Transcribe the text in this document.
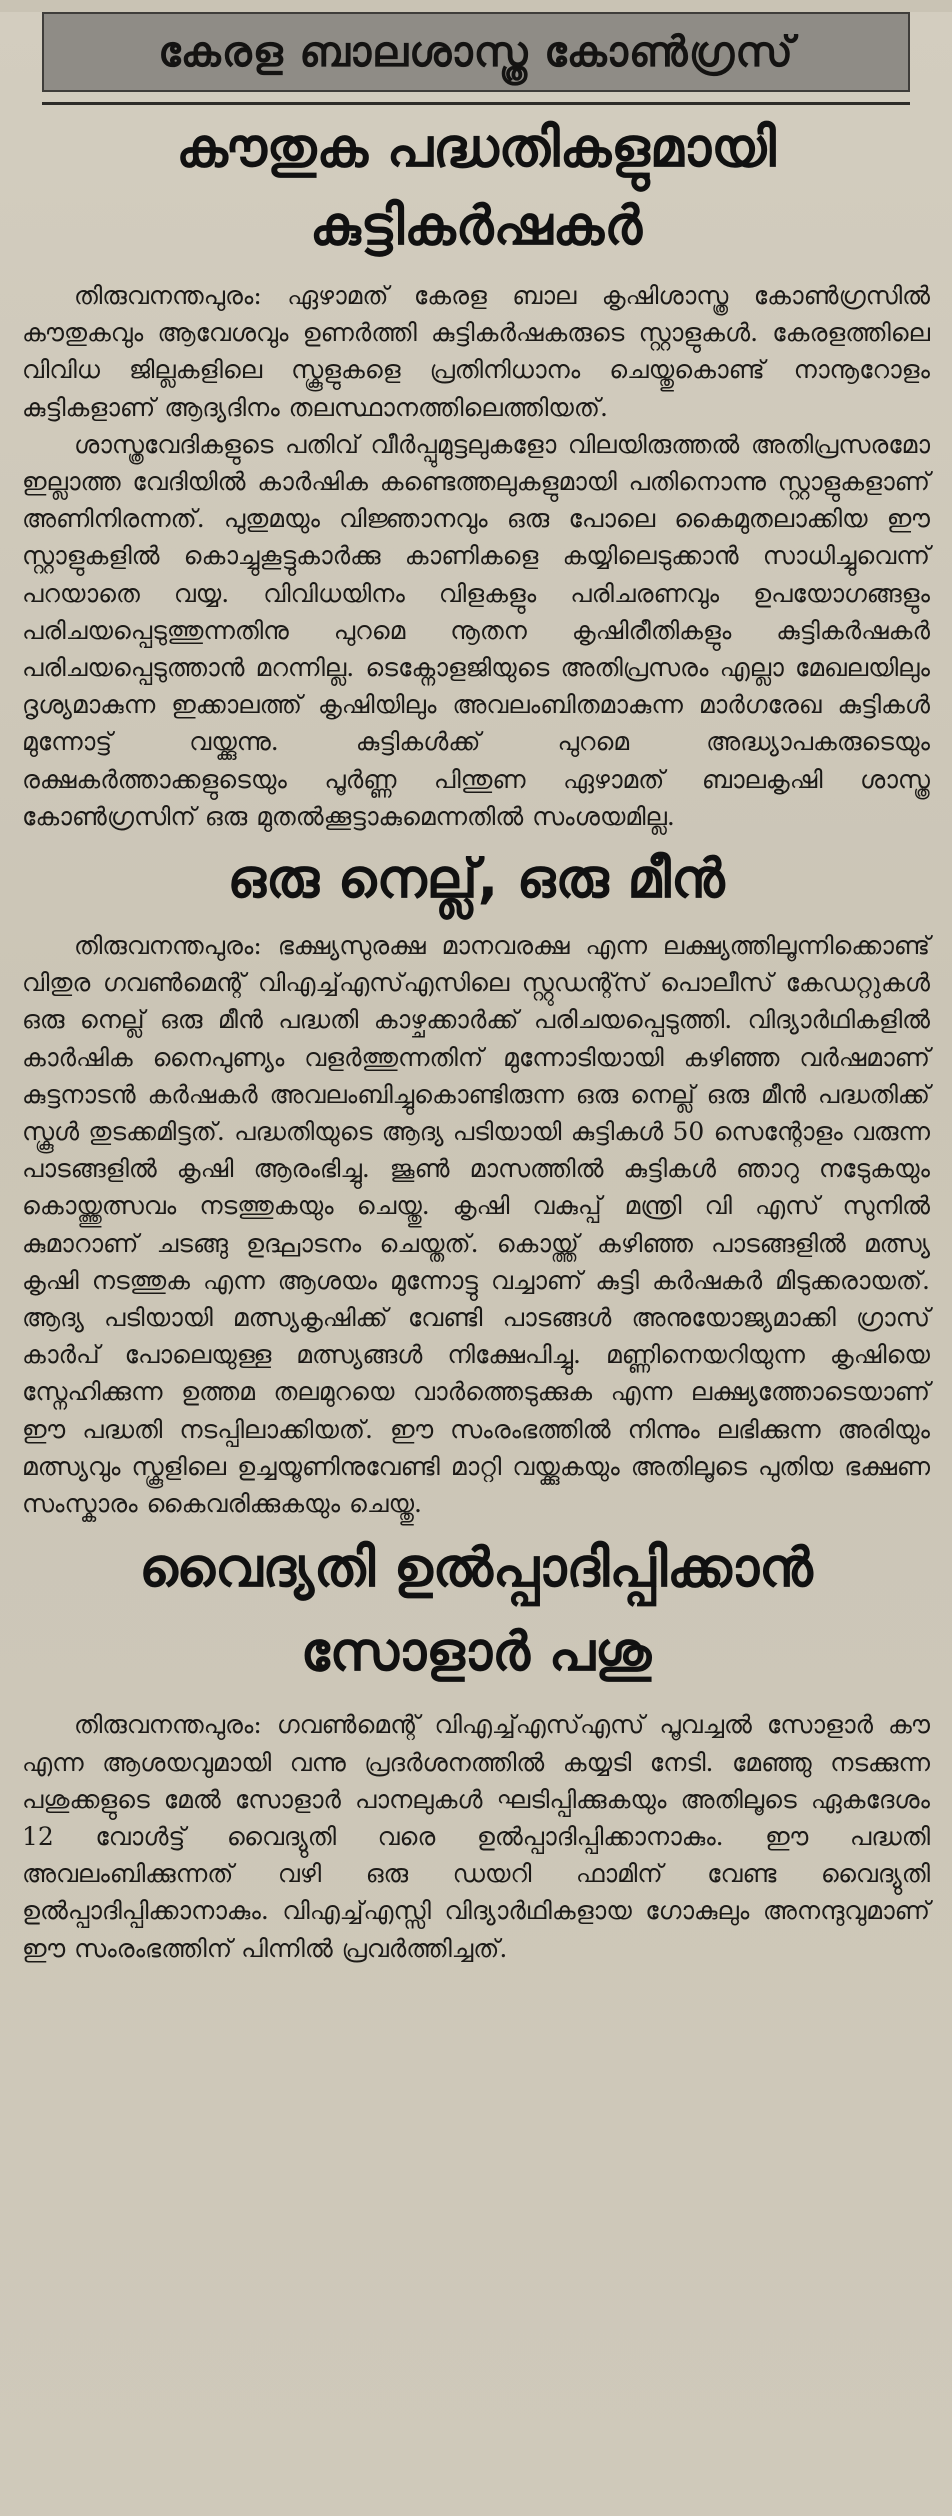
കേരള ബാലശാസ്ത്ര കോൺഗ്രസ്
കൗതുക പദ്ധതികളുമായി
കുട്ടികർഷകർ

തിരുവനന്തപുരം: ഏഴാമത് കേരള ബാല കൃഷിശാസ്ത്ര കോൺഗ്രസിൽ കൗതുകവും ആവേശവും ഉണർത്തി കുട്ടികർഷകരുടെ സ്റ്റാളുകൾ. കേരളത്തിലെ വിവിധ ജില്ലകളിലെ സ്കൂളുകളെ പ്രതിനിധാനം ചെയ്തുകൊണ്ട് നാനൂറോളം കുട്ടികളാണ് ആദ്യദിനം തലസ്ഥാനത്തിലെത്തിയത്.

ശാസ്ത്രവേദികളുടെ പതിവ് വീർപ്പുമുട്ടലുകളോ വിലയിരുത്തൽ അതിപ്രസരമോ ഇല്ലാത്ത വേദിയിൽ കാർഷിക കണ്ടെത്തലുകളുമായി പതിനൊന്നു സ്റ്റാളുകളാണ് അണിനിരന്നത്. പുതുമയും വിജ്ഞാനവും ഒരു പോലെ കൈമുതലാക്കിയ ഈ സ്റ്റാളുകളിൽ കൊച്ചുകൂട്ടുകാർക്കു കാണികളെ കയ്യിലെടുക്കാൻ സാധിച്ചുവെന്ന് പറയാതെ വയ്യ. വിവിധയിനം വിളകളും പരിചരണവും ഉപയോഗങ്ങളും പരിചയപ്പെടുത്തുന്നതിനു പുറമെ നൂതന കൃഷിരീതികളും കുട്ടികർഷകർ പരിചയപ്പെടുത്താൻ മറന്നില്ല. ടെക്നോളജിയുടെ അതിപ്രസരം എല്ലാ മേഖലയിലും ദൃശ്യമാകുന്ന ഇക്കാലത്ത് കൃഷിയിലും അവലംബിതമാകുന്ന മാർഗരേഖ കുട്ടികൾ മുന്നോട്ട് വയ്ക്കുന്നു. കുട്ടികൾക്ക് പുറമെ അദ്ധ്യാപകരുടെയും രക്ഷകർത്താക്കളുടെയും പൂർണ്ണ പിന്തുണ ഏഴാമത് ബാലകൃഷി ശാസ്ത്ര കോൺഗ്രസിന് ഒരു മുതൽക്കൂട്ടാകുമെന്നതിൽ സംശയമില്ല.

ഒരു നെല്ല്, ഒരു മീൻ

തിരുവനന്തപുരം: ഭക്ഷ്യസുരക്ഷ മാനവരക്ഷ എന്ന ലക്ഷ്യത്തിലൂന്നിക്കൊണ്ട് വിതുര ഗവൺമെന്റ് വിഎച്ച്എസ്എസിലെ സ്റ്റുഡന്റ്സ് പൊലീസ് കേഡറ്റുകൾ ഒരു നെല്ല് ഒരു മീൻ പദ്ധതി കാഴ്ചക്കാർക്ക് പരിചയപ്പെടുത്തി. വിദ്യാർഥികളിൽ കാർഷിക നൈപുണ്യം വളർത്തുന്നതിന് മുന്നോടിയായി കഴിഞ്ഞ വർഷമാണ് കുട്ടനാടൻ കർഷകർ അവലംബിച്ചുകൊണ്ടിരുന്ന ഒരു നെല്ല് ഒരു മീൻ പദ്ധതിക്ക് സ്കൂൾ തുടക്കമിട്ടത്. പദ്ധതിയുടെ ആദ്യ പടിയായി കുട്ടികൾ 50 സെന്റോളം വരുന്ന പാടങ്ങളിൽ കൃഷി ആരംഭിച്ചു. ജൂൺ മാസത്തിൽ കുട്ടികൾ ഞാറു നടേുകയും കൊയ്ത്തുത്സവം നടത്തുകയും ചെയ്തു. കൃഷി വകുപ്പ് മന്ത്രി വി എസ് സുനിൽ കുമാറാണ് ചടങ്ങു ഉദ്ഘാടനം ചെയ്തത്. കൊയ്ത്ത് കഴിഞ്ഞ പാടങ്ങളിൽ മത്സ്യ കൃഷി നടത്തുക എന്ന ആശയം മുന്നോട്ടു വച്ചാണ് കുട്ടി കർഷകർ മിടുക്കരായത്. ആദ്യ പടിയായി മത്സ്യകൃഷിക്ക് വേണ്ടി പാടങ്ങൾ അനുയോജ്യമാക്കി ഗ്രാസ് കാർപ് പോലെയുള്ള മത്സ്യങ്ങൾ നിക്ഷേപിച്ചു. മണ്ണിനെയറിയുന്ന കൃഷിയെ സ്നേഹിക്കുന്ന ഉത്തമ തലമുറയെ വാർത്തെടുക്കുക എന്ന ലക്ഷ്യത്തോടെയാണ് ഈ പദ്ധതി നടപ്പിലാക്കിയത്. ഈ സംരംഭത്തിൽ നിന്നും ലഭിക്കുന്ന അരിയും മത്സ്യവും സ്കൂളിലെ ഉച്ചയൂണിനുവേണ്ടി മാറ്റി വയ്ക്കുകയും അതിലൂടെ പുതിയ ഭക്ഷണ സംസ്കാരം കൈവരിക്കുകയും ചെയ്തു.

വൈദ്യതി ഉൽപ്പാദിപ്പിക്കാൻ
സോളാർ പശു

തിരുവനന്തപുരം: ഗവൺമെന്റ് വിഎച്ച്എസ്എസ് പൂവച്ചൽ സോളാർ കൗ എന്ന ആശയവുമായി വന്നു പ്രദർശനത്തിൽ കയ്യടി നേടി. മേഞ്ഞു നടക്കുന്ന പശുക്കളുടെ മേൽ സോളാർ പാനലുകൾ ഘടിപ്പിക്കുകയും അതിലൂടെ ഏകദേശം 12 വോൾട്ട് വൈദ്യുതി വരെ ഉൽപ്പാദിപ്പിക്കാനാകും. ഈ പദ്ധതി അവലംബിക്കുന്നത് വഴി ഒരു ഡയറി ഫാമിന് വേണ്ട വൈദ്യുതി ഉൽപ്പാദിപ്പിക്കാനാകും. വിഎച്ച്എസ്സി വിദ്യാർഥികളായ ഗോകുലും അനന്ദുവുമാണ് ഈ സംരംഭത്തിന് പിന്നിൽ പ്രവർത്തിച്ചത്.
